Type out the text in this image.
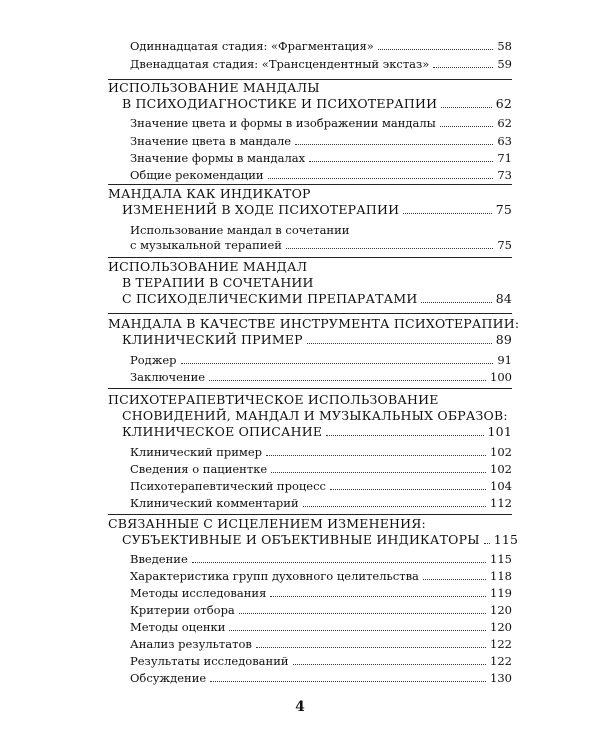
Одиннадцатая стадия: «Фрагментация»	58
Двенадцатая стадия: «Трансцендентный экстаз»	59
ИСПОЛЬЗОВАНИЕ МАНДАЛЫ
В ПСИХОДИАГНОСТИКЕ И ПСИХОТЕРАПИИ	62
Значение цвета и формы в изображении мандалы	62
Значение цвета в мандале	63
Значение формы в мандалах	71
Общие рекомендации	73
МАНДАЛА КАК ИНДИКАТОР
ИЗМЕНЕНИЙ В ХОДЕ ПСИХОТЕРАПИИ	75
Использование мандал в сочетании
с музыкальной терапией	75
ИСПОЛЬЗОВАНИЕ МАНДАЛ
В ТЕРАПИИ В СОЧЕТАНИИ
С ПСИХОДЕЛИЧЕСКИМИ ПРЕПАРАТАМИ	84
МАНДАЛА В КАЧЕСТВЕ ИНСТРУМЕНТА ПСИХОТЕРАПИИ:
КЛИНИЧЕСКИЙ ПРИМЕР	89
Роджер	91
Заключение	100
ПСИХОТЕРАПЕВТИЧЕСКОЕ ИСПОЛЬЗОВАНИЕ
СНОВИДЕНИЙ, МАНДАЛ И МУЗЫКАЛЬНЫХ ОБРАЗОВ:
КЛИНИЧЕСКОЕ ОПИСАНИЕ	101
Клинический пример	102
Сведения о пациентке	102
Психотерапевтический процесс	104
Клинический комментарий	112
СВЯЗАННЫЕ С ИСЦЕЛЕНИЕМ ИЗМЕНЕНИЯ:
СУБЪЕКТИВНЫЕ И ОБЪЕКТИВНЫЕ ИНДИКАТОРЫ 115
Введение	115
Характеристика групп духовного целительства	118
Методы исследования	119
Критерии отбора	120
Методы оценки	120
Анализ результатов	122
Результаты исследований	122
Обсуждение	130
4
